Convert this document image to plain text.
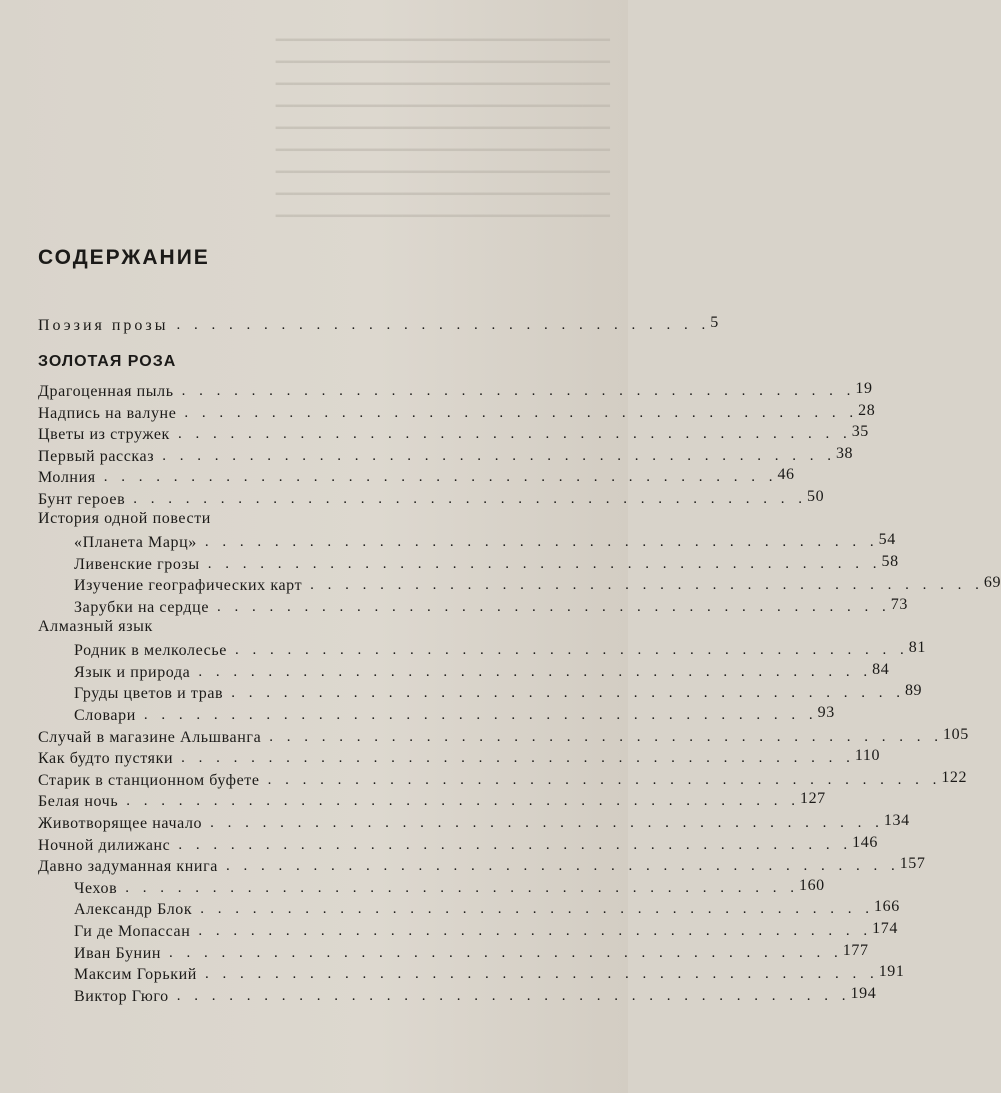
━━━━━━━━━━━━━━━━━━━━━━━━━━━━━━━━━━━━━
━━━━━━━━━━━━━━━━━━━━━━━━━━━━━━━━━━━━━
━━━━━━━━━━━━━━━━━━━━━━━━━━━━━━━━━━━━━
━━━━━━━━━━━━━━━━━━━━━━━━━━━━━━━━━━━━━
━━━━━━━━━━━━━━━━━━━━━━━━━━━━━━━━━━━━━
━━━━━━━━━━━━━━━━━━━━━━━━━━━━━━━━━━━━━
━━━━━━━━━━━━━━━━━━━━━━━━━━━━━━━━━━━━━
━━━━━━━━━━━━━━━━━━━━━━━━━━━━━━━━━━━━━
━━━━━━━━━━━━━━━━━━━━━━━━━━━━━━━━━━━━━
СОДЕРЖАНИЕ
Поэзия прозы . . . . . . . . . . . . . . . . . . . . . . . . . . . . . . . 5
ЗОЛОТАЯ РОЗА
Драгоценная пыль . . . . . . . . . . . . . . . . . . . . . . . . . . . . . . . . . . . . . . . 19
Надпись на валуне . . . . . . . . . . . . . . . . . . . . . . . . . . . . . . . . . . . . . . . 28
Цветы из стружек . . . . . . . . . . . . . . . . . . . . . . . . . . . . . . . . . . . . . . . 35
Первый рассказ . . . . . . . . . . . . . . . . . . . . . . . . . . . . . . . . . . . . . . . 38
Молния . . . . . . . . . . . . . . . . . . . . . . . . . . . . . . . . . . . . . . . 46
Бунт героев . . . . . . . . . . . . . . . . . . . . . . . . . . . . . . . . . . . . . . . 50
История одной повести
«Планета Марц» . . . . . . . . . . . . . . . . . . . . . . . . . . . . . . . . . . . . . . . 54
Ливенские грозы . . . . . . . . . . . . . . . . . . . . . . . . . . . . . . . . . . . . . . . 58
Изучение географических карт . . . . . . . . . . . . . . . . . . . . . . . . . . . . . . . . . . . . . . . 69
Зарубки на сердце . . . . . . . . . . . . . . . . . . . . . . . . . . . . . . . . . . . . . . . 73
Алмазный язык
Родник в мелколесье . . . . . . . . . . . . . . . . . . . . . . . . . . . . . . . . . . . . . . . 81
Язык и природа . . . . . . . . . . . . . . . . . . . . . . . . . . . . . . . . . . . . . . . 84
Груды цветов и трав . . . . . . . . . . . . . . . . . . . . . . . . . . . . . . . . . . . . . . . 89
Словари . . . . . . . . . . . . . . . . . . . . . . . . . . . . . . . . . . . . . . . 93
Случай в магазине Альшванга . . . . . . . . . . . . . . . . . . . . . . . . . . . . . . . . . . . . . . . 105
Как будто пустяки . . . . . . . . . . . . . . . . . . . . . . . . . . . . . . . . . . . . . . . 110
Старик в станционном буфете . . . . . . . . . . . . . . . . . . . . . . . . . . . . . . . . . . . . . . . 122
Белая ночь . . . . . . . . . . . . . . . . . . . . . . . . . . . . . . . . . . . . . . . 127
Животворящее начало . . . . . . . . . . . . . . . . . . . . . . . . . . . . . . . . . . . . . . . 134
Ночной дилижанс . . . . . . . . . . . . . . . . . . . . . . . . . . . . . . . . . . . . . . . 146
Давно задуманная книга . . . . . . . . . . . . . . . . . . . . . . . . . . . . . . . . . . . . . . . 157
Чехов . . . . . . . . . . . . . . . . . . . . . . . . . . . . . . . . . . . . . . . 160
Александр Блок . . . . . . . . . . . . . . . . . . . . . . . . . . . . . . . . . . . . . . . 166
Ги де Мопассан . . . . . . . . . . . . . . . . . . . . . . . . . . . . . . . . . . . . . . . 174
Иван Бунин . . . . . . . . . . . . . . . . . . . . . . . . . . . . . . . . . . . . . . . 177
Максим Горький . . . . . . . . . . . . . . . . . . . . . . . . . . . . . . . . . . . . . . . 191
Виктор Гюго . . . . . . . . . . . . . . . . . . . . . . . . . . . . . . . . . . . . . . . 194
